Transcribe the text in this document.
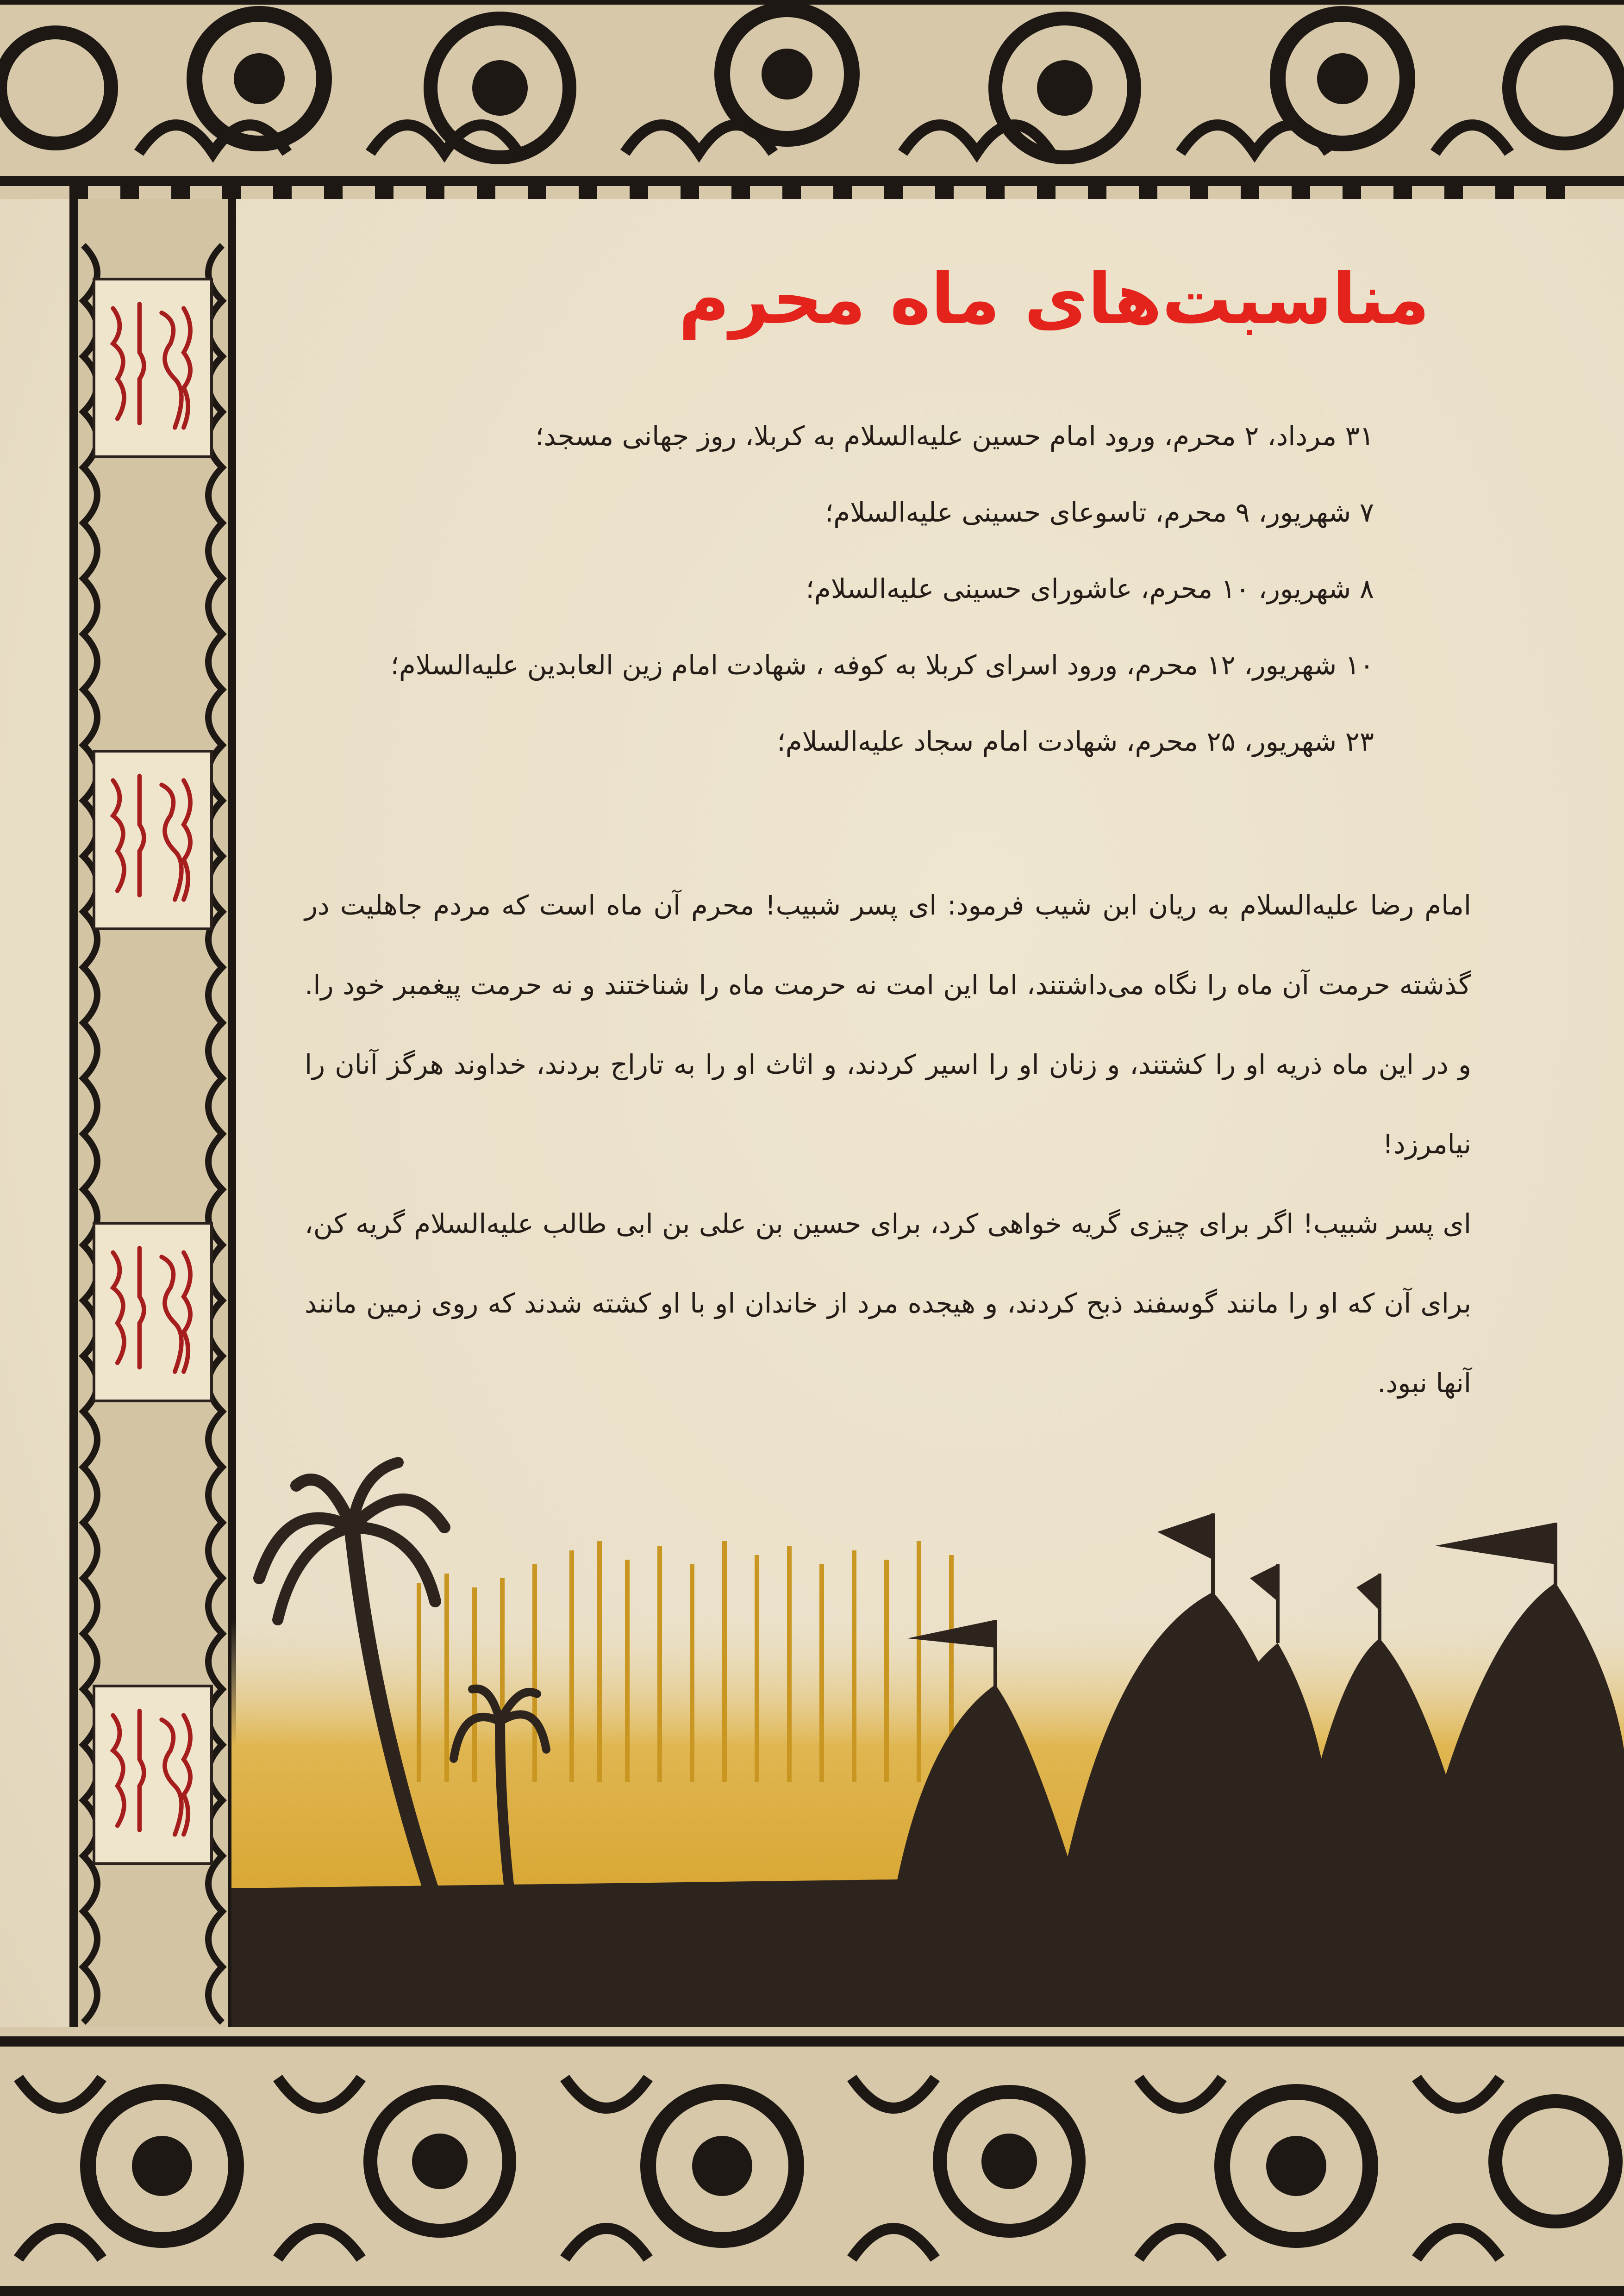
مناسبت‌های ماه محرم
۳۱ مرداد، ۲ محرم، ورود امام حسین علیه‌السلام به کربلا، روز جهانی مسجد؛
۷ شهریور، ۹ محرم، تاسوعای حسینی علیه‌السلام؛
۸ شهریور، ۱۰ محرم، عاشورای حسینی علیه‌السلام؛
۱۰ شهریور، ۱۲ محرم، ورود اسرای کربلا به کوفه ، شهادت امام زین العابدین علیه‌السلام؛
۲۳ شهریور، ۲۵ محرم، شهادت امام سجاد علیه‌السلام؛

امام رضا علیه‌السلام به ریان ابن شیب فرمود: ای پسر شبیب! محرم آن ماه است که مردم جاهلیت در گذشته حرمت آن ماه را نگاه می‌داشتند، اما این امت نه حرمت ماه را شناختند و نه حرمت پیغمبر خود را. و در این ماه ذریه او را کشتند، و زنان او را اسیر کردند، و اثاث او را به تاراج بردند، خداوند هرگز آنان را نیامرزد!

ای پسر شبیب! اگر برای چیزی گریه خواهی کرد، برای حسین بن علی بن ابی طالب علیه‌السلام گریه کن، برای آن که او را مانند گوسفند ذبح کردند، و هیجده مرد از خاندان او با او کشته شدند که روی زمین مانند آنها نبود.
